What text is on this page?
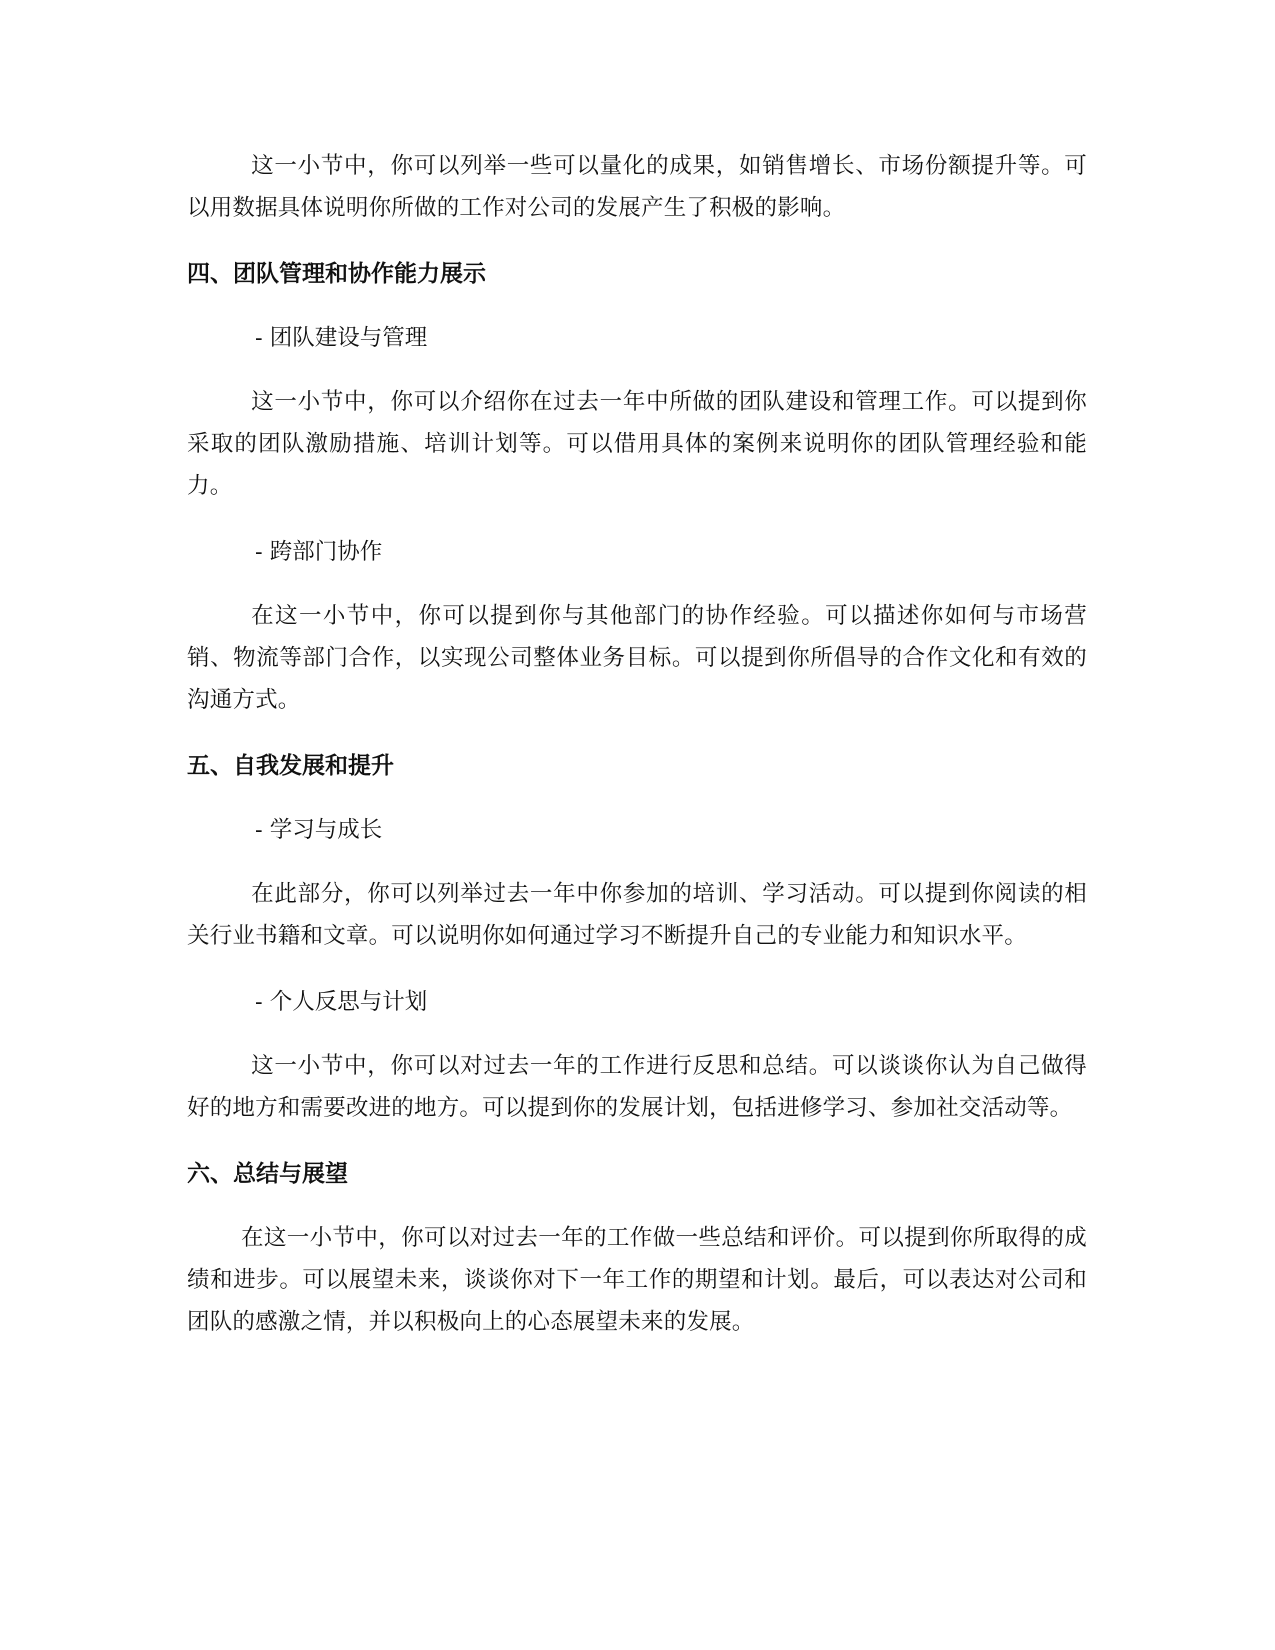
这一小节中，你可以列举一些可以量化的成果，如销售增长、市场份额提升等。可以用数据具体说明你所做的工作对公司的发展产生了积极的影响。

四、团队管理和协作能力展示
- 团队建设与管理

这一小节中，你可以介绍你在过去一年中所做的团队建设和管理工作。可以提到你采取的团队激励措施、培训计划等。可以借用具体的案例来说明你的团队管理经验和能力。

- 跨部门协作

在这一小节中，你可以提到你与其他部门的协作经验。可以描述你如何与市场营销、物流等部门合作，以实现公司整体业务目标。可以提到你所倡导的合作文化和有效的沟通方式。

五、自我发展和提升
- 学习与成长

在此部分，你可以列举过去一年中你参加的培训、学习活动。可以提到你阅读的相关行业书籍和文章。可以说明你如何通过学习不断提升自己的专业能力和知识水平。

- 个人反思与计划

这一小节中，你可以对过去一年的工作进行反思和总结。可以谈谈你认为自己做得好的地方和需要改进的地方。可以提到你的发展计划，包括进修学习、参加社交活动等。

六、总结与展望

在这一小节中，你可以对过去一年的工作做一些总结和评价。可以提到你所取得的成绩和进步。可以展望未来，谈谈你对下一年工作的期望和计划。最后，可以表达对公司和团队的感激之情，并以积极向上的心态展望未来的发展。
